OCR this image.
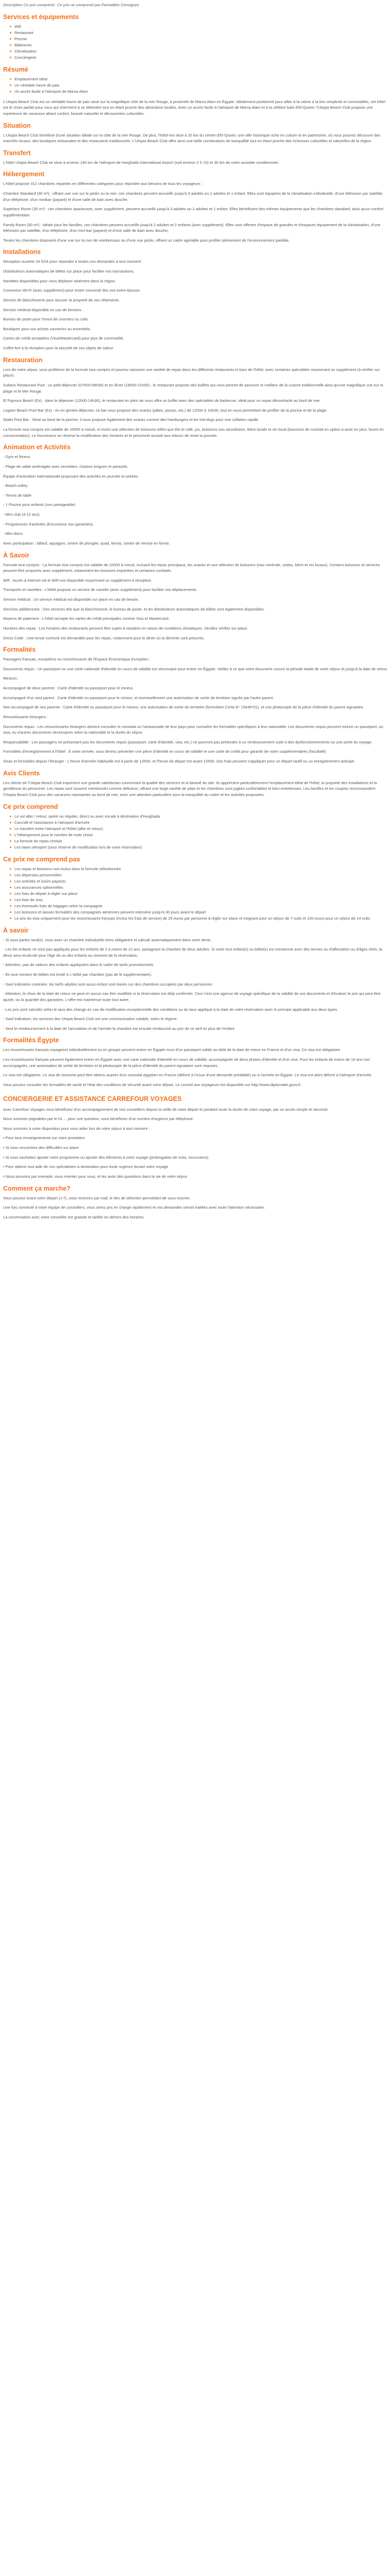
Description Ce prix comprend : Ce prix ne comprend pas Formalités Consignes

Services et équipements
Wifi
Restaurant
Piscine
Bâtiments
Climatisation
Conciergerie
Résumé
Emplacement idéal
Un véritable havre de paix
Un accès facile à l'aéroport de Marsa Alam

L'Utopia Beach Club est un véritable havre de paix situé sur la magnifique côte de la mer Rouge, à proximité de Marsa Alam en Égypte. Idéalement positionné pour allier à la calme à la fois simplicité et commodités, cet hôtel est le choix parfait pour ceux qui cherchent à se détendre tout en étant proche des attractions locales. Avec un accès facile à l'aéroport de Marsa Alam et à la célèbre baie d'El-Quseir, l'Utopia Beach Club propose une expérience de vacances alliant confort, beauté naturelle et découvertes culturelles.

Situation

L'Utopia Beach Club bénéficie d'une situation idéale sur la côte de la mer Rouge. De plus, l'hôtel est situé à 20 km du centre d'El-Quseir, une ville historique riche en culture et en patrimoine, où vous pourrez découvrir des marchés locaux, des boutiques artisanales et des restaurants traditionnels. L'Utopia Beach Club offre ainsi une belle combinaison de tranquillité tout en étant proche des richesses culturelles et naturelles de la région.

Transfert

L'hôtel Utopia Beach Club se situe à environ 140 km de l'aéroport de Hurghada International Airport (soit environ 2 h 15) et 30 km de notre assistée conditionnée.

Hébergement

L'hôtel propose 312 chambres réparties en différentes catégories pour répondre aux besoins de tous les voyageurs :

Chambre Standard (30 m²) : offrant une vue sur le jardin ou la mer, ces chambres peuvent accueillir jusqu'à 3 adultes ou 2 adultes et 1 enfant. Elles sont équipées de la climatisation individuelle, d'une télévision par satellite, d'un téléphone, d'un minibar (payant) et d'une salle de bain avec douche.

Supérieur Room (30 m²) : ces chambres spacieuses, avec supplément, peuvent accueillir jusqu'à 3 adultes ou 2 adultes et 1 enfant. Elles bénéficient des mêmes équipements que les chambres standard, ainsi qu'un confort supplémentaire.

Family Room (50 m²) : idéale pour les familles, ces chambres peuvent accueillir jusqu'à 2 adultes et 2 enfants (avec supplément). Elles sont offertes d'espace de grandes et d'espaces équipement de la climatisation, d'une télévision par satellite, d'un téléphone, d'un mini-bar (payant) et d'une salle de bain avec douche.

Toutes les chambres disposent d'une vue sur la mer de nombreuses ou d'une vue jardin, offrant un cadre agréable pour profiter pleinement de l'environnement paisible.

Installations

Réception ouverte 24 h/24 pour répondre à toutes vos demandes à tout moment.

Distributeurs automatiques de billets sur place pour faciliter vos transactions.

Navettes disponibles pour vous déplacer aisément dans la région.

Connexion Wi-Fi (avec supplément) pour rester connecté des nos entre-épouse.

Service de blanchisserie pour assurer la propreté de vos vêtements.

Service médical disponible en cas de besoins.

Bureau de poste pour l'envoi de courriers ou colis.

Boutiques pour vos achats souvenirs ou essentiels.

Cartes de crédit acceptées (Visa/Mastercard) pour plus de commodité.

Coffre-fort à la réception pour la sécurité de vos objets de valeur.

Restauration

Lors de votre séjour, vous profiterez de la formule tout compris et pourrez savourer une variété de repas dans les différents restaurants et bars de l'hôtel, avec certaines spécialités moyennant un supplément (à vérifier sur place).

Sultans Restaurant Pool : un petit-déjeuner (07h00-09h30) et en dîner (19h00-21h00) ; le restaurant propose des buffets qui vous permet de savourer le meilleur de la cuisine traditionnelle ainsi qu'une magnifique vue sur la plage et le Mer Rouge.

El Fayrouz Beach (Ex) : dans le déjeuner (12h00-14h30), le restaurant en plein air vous offre un buffet avec des spécialités de barbecue, idéal pour un repas décontracté au bord de mer.

Logiam Beach Pool Bar (Ex) : en en gentes-déjeuner, ce bar vous propose des snacks (pâtes, pizzas, etc.) de 12h00 à 16h00, tout en vous permettant de profiter de la piscine et de la plage.

Stalet Pool Bar : Situé au bord de la piscine, il vous propose également des snacks comme des hamburgers et les hot-dogs pour une collation rapide.

La formule tout compris est valable de 10h00 à minuit, et inclut une sélection de boissons telles que thé et café, jus, boissons non alcoolisées, bière locale et vin local (boissons de cocktail en option à avoir en plus, fourni en consommation). Le fournisseur se réserve la modification des horaires et le personnel assisté aux retours de toute la journée.

Animation et Activités

- Gym et fitness

- Plage de sable aménagée avec serviettes, chaises longues et parasols.

Équipe d'animation internationale proposant des activités en journée et soirées.

- Beach-volley

- Tennis de table

- 1 Piscine pour enfants (non partageable)

- Mini club (4-12 ans)

- Programmes d'activités (Excursions non garanties).

- Mini disco

Avec participation : billard, aquagym, centre de plongée, quad, tennis, centre de remise en forme.

À Savoir

Formule tout compris : La formule tout compris est valable de 10h00 à minuit, incluant les repas principaux, les snacks et une sélection de boissons (eau minérale, sodas, bière et vin locaux). Certains boissons et services peuvent être proposés avec supplément, notamment les boissons importées et certaines cocktails.

Wifi : Accès à Internet via le WiFi est disponible moyennant un supplément à réception.

Transports et navettes : L'hôtel propose un service de navette (avec supplément) pour faciliter vos déplacements.

Service médical : Un service médical est disponible sur place en cas de besoin.

Services additionnels : Des services tels que la blanchisserie, le bureau de poste, et les distributeurs automatiques de billets sont également disponibles.

Moyens de paiement : L'hôtel accepte les cartes de crédit principales comme Visa et Mastercard.

Horaires des repas : Les horaires des restaurants peuvent être sujets à variation en raison de conditions climatiques. Veuillez vérifier sur place.

Dress Code : Une tenue correcte est demandée pour les repas, notamment pour le dîner où la décente sont prescrits.

Formalités

Passagers français, européens ou ressortissants de l'Espace Économique Européen :

Documents requis : Un passeport ou une carte nationale d'identité en cours de validité est nécessaire pour entrer en Égypte. Veillez à ce que votre document couvre la période totale de votre séjour et jusqu'à la date de retour.

Mineurs :

Accompagné de deux parents : Carte d'identité ou passeport pour le mineur.

Accompagné d'un seul parent : Carte d'identité ou passeport pour le mineur, et éventuellement une autorisation de sortie de territoire signée par l'autre parent.

Non accompagné de ses parents : Carte d'identité ou passeport pour le mineur, une autorisation de sortie de territoire (formulaire Cerfa N° 15646*01), et une photocopie de la pièce d'identité du parent signataire.

Ressortissants étrangers :

Documents requis : Les ressortissants étrangers doivent consulter le consulat ou l'ambassade de leur pays pour connaître les formalités spécifiques à leur nationalité. Les documents requis peuvent inclure un passeport, un visa, ou d'autres documents nécessaires selon la nationalité et la durée du séjour.

Responsabilité : Les passagers ne présentant pas les documents requis (passeport, carte d'identité, visa, etc.) ne pourront pas prétendre à un remboursement suite à des dysfonctionnements ou une perte du voyage.

Formalités d'enregistrement à l'hôtel : À votre arrivée, vous devrez présenter une pièce d'identité en cours de validité et une carte de crédit pour garantir de votre supplémentaires (facultatif).

Visas et formalités depuis l'étranger : L'heure d'arrivée habituelle est à partir de 12h00, et l'heure de départ est avant 12h00. Des frais peuvent s'appliquer pour un départ tardif ou un enregistrement anticipé.

Avis Clients

Les clients de l'Utopia Beach Club expriment une grande satisfaction concernant la qualité des services et la beauté du site. Ils apprécient particulièrement l'emplacement idéal de l'hôtel, la propreté des installations et la gentillesse du personnel. Les repas sont souvent mentionnés comme délicieux, offrant une large variété de plats et les chambres sont jugées confortables et bien entretenues. Les familles et les couples recommandent l'Utopia Beach Club pour des vacances reposantes au bord de mer, avec une attention particulière pour la tranquillité du cadre et les activités proposées.

Ce prix comprend
Le vol aller / retour, opéré ou régulier, direct ou avec escale à destination d'Hurghada
Carcraft et l'assistance à l'aéroport d'arrivée
Le transfert entre l'aéroport et l'hôtel (aller et retour)
L'hébergement pour le nombre de nuits choisi
La formule de repas choisie
Les taxes aéroport (sous réserve de modification lors de votre réservation)
Ce prix ne comprend pas
Les repas et boissons non inclus dans la formule sélectionnée
Les dépenses personnelles
Les activités et loisirs payants
Les assurances optionnelles
Les frais de départ à régler sur place
Les frais de visa
Les éventuels frais de bagages selon la compagnie
Les boissons et laissez formalités des compagnies aériennes peuvent intervenir jusqu'à 30 jours avant le départ
Le prix du visa uniquement pour les ressortissants français (inclus les frais de service) de 25 euros par personne à régler sur place et exigeant pour un séjour de 7 nuits et 100 euros pour un séjour de 14 nuits
À savoir

- Si vous partez seul(e), vous avez un chambre individuelle et/ou obligatoire et calculé automatiquement dans votre devis.

- Les lits enfants ne sont pas appliqués pour les enfants de 2 à moins de 12 ans, partageant la chambre de deux adultes. Si votre tout enfant(s) ou bébé(s) est mentionné avec des termes ou d'affectation ou d'âges réels, la devis sera recalculé pour l'âge de ou des enfants au moment de la réservation.

- Attention, pas de valeurs des enfants appliquées dans le cadre de tarifs promotionnels.

- En tout nombre de bébés est limité à 1 bébé par chambre (pas de lit supplémentaire).

- Sauf indication contraire, les tarifs adultes sont aussi enfant sont basés sur des chambres occupées par deux personnes.

- Attention, le choix de la date de retour ne peut en aucun cas être modifiée si la réservation est déjà confirmée. Ceci n'est une agence de voyage spécifique de la validité de vos documents et d'évaluer le prix qui peut être ajusté, ou la quantité des garanties. L'offre est maintenue toute tout autre.

- Les prix sont calculés selon le taux des change en cas de modification exceptionnelle des conditions ou du taux appliqué à la date de votre réservation avec le principe applicable aux deux types.

- Sauf indication, les services des Utopia Beach Club ont une communication valable, selon le régime.

- Seul le remboursement à la date de l'annulation et de l'arrivée la chambre est ensuite remboursé au prix de ce tarif en plus de l'enfant.

Formalités Égypte

Les ressortissants français voyageant individuellement ou en groupe peuvent entrer en Égypte muni d'un passeport valide au-delà de la date de retour en France et d'un visa. Ce visa est obligatoire.

Les ressortissants français peuvent également entrer en Égypte avec une carte nationale d'identité en cours de validité, accompagnée de deux photos d'identité et d'un visa. Pour les enfants de moins de 18 ans non accompagnés, une autorisation de sortie de territoire et la photocopie de la pièce d'identité du parent signataire sont requises.

Le visa est obligatoire. Le visa de tourisme peut être obtenu auprès d'un consulat égyptien en France (délivré à l'issue d'une demande préalable) ou à l'arrivée en Égypte. Le visa est alors délivré à l'aéroport d'arrivée.

Vous pouvez consulter les formalités de santé et l'état des conditions de sécurité avant votre départ. Le conseil aux voyageurs est disponible sur http://www.diplomatie.gouv.fr.

CONCIERGERIE ET ASSISTANCE CARREFOUR VOYAGES

Avec Carrefour Voyages vous bénéficiez d'un accompagnement de nos conseillers depuis la veille de votre départ et pendant toute la durée de votre voyage, par un accès simple et sécurisé.

Nous sommes joignables par le 01 ... pour une question, vous bénéficiez d'un numéro d'urgence par téléphone.

Nous sommes à votre disposition pour vous aider lors de votre séjour à tout moment :

• Pour tous renseignements sur votre prestation

• Si vous rencontrez des difficultés sur place

• Si vous souhaitez ajouter votre programme ou ajouter des éléments à votre voyage (prolongation de nuits, excursions)

• Pour obtenir tout aide de nos spécialistes à destination pour toute urgence durant votre voyage

• Nous pouvons par exemple, vous orienter pour vous, et les avoir des questions dans la vie de votre séjour

Comment ça marche?

Vous pouvez avant votre départ (J-7), vous recevrez par mail, le lien de sélection permettant de vous inscrire.

Une fois connecté à notre équipe de conseillers, vous serez pris en charge rapidement et vos demandes seront traitées avec toute l'attention nécessaire.

La conversation avec votre conseiller est gratuite et tarifée en dehors des horaires.
